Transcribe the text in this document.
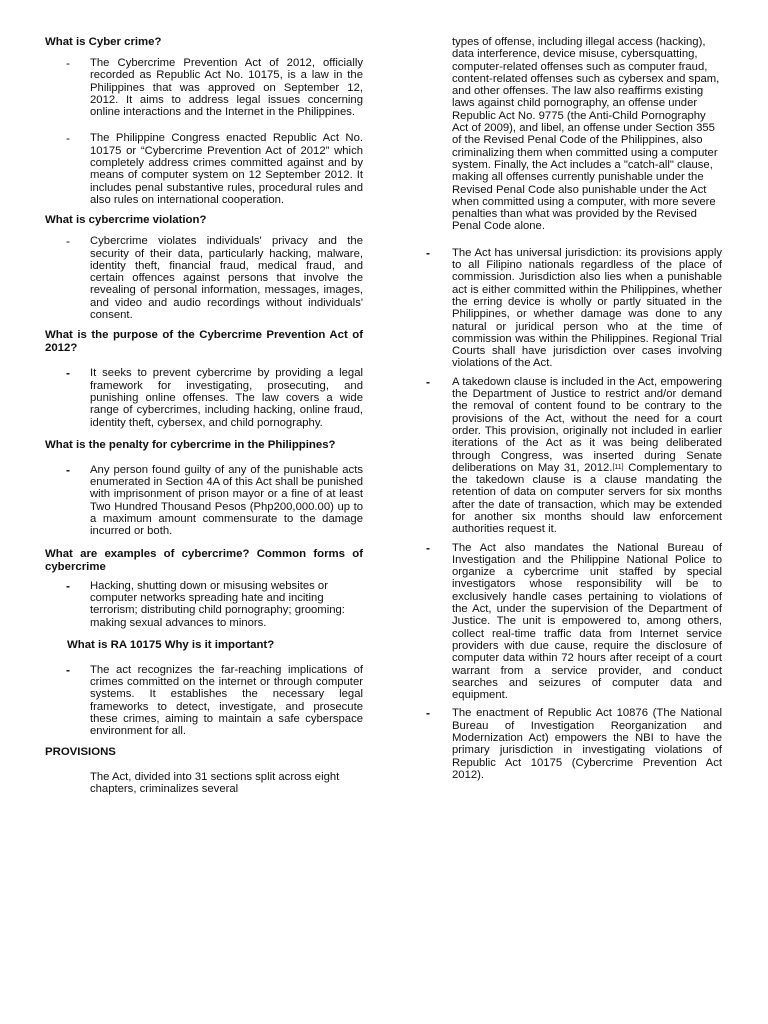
What is Cyber crime?
-	The Cybercrime Prevention Act of 2012, officially recorded as Republic Act No. 10175, is a law in the Philippines that was approved on September 12, 2012. It aims to address legal issues concerning online interactions and the Internet in the Philippines.
-	The Philippine Congress enacted Republic Act No. 10175 or “Cybercrime Prevention Act of 2012” which completely address crimes committed against and by means of computer system on 12 September 2012. It includes penal substantive rules, procedural rules and also rules on international cooperation.
What is cybercrime violation?
-	Cybercrime violates individuals' privacy and the security of their data, particularly hacking, malware, identity theft, financial fraud, medical fraud, and certain offences against persons that involve the revealing of personal information, messages, images, and video and audio recordings without individuals' consent.
What is the purpose of the Cybercrime Prevention Act of 2012?
-	It seeks to prevent cybercrime by providing a legal framework for investigating, prosecuting, and punishing online offenses. The law covers a wide range of cybercrimes, including hacking, online fraud, identity theft, cybersex, and child pornography.
What is the penalty for cybercrime in the Philippines?
-	Any person found guilty of any of the punishable acts enumerated in Section 4A of this Act shall be punished with imprisonment of prison mayor or a fine of at least Two Hundred Thousand Pesos (Php200,000.00) up to a maximum amount commensurate to the damage incurred or both.
What are examples of cybercrime? Common forms of cybercrime
-	Hacking, shutting down or misusing websites or computer networks spreading hate and inciting terrorism; distributing child pornography; grooming: making sexual advances to minors.
What is RA 10175 Why is it important?
-	The act recognizes the far-reaching implications of crimes committed on the internet or through computer systems. It establishes the necessary legal frameworks to detect, investigate, and prosecute these crimes, aiming to maintain a safe cyberspace environment for all.
PROVISIONS

The Act, divided into 31 sections split across eight chapters, criminalizes several

types of offense, including illegal access (hacking), data interference, device misuse, cybersquatting, computer-related offenses such as computer fraud, content-related offenses such as cybersex and spam, and other offenses. The law also reaffirms existing laws against child pornography, an offense under Republic Act No. 9775 (the Anti-Child Pornography Act of 2009), and libel, an offense under Section 355 of the Revised Penal Code of the Philippines, also criminalizing them when committed using a computer system. Finally, the Act includes a "catch-all" clause, making all offenses currently punishable under the Revised Penal Code also punishable under the Act when committed using a computer, with more severe penalties than what was provided by the Revised Penal Code alone.

-	The Act has universal jurisdiction: its provisions apply to all Filipino nationals regardless of the place of commission. Jurisdiction also lies when a punishable act is either committed within the Philippines, whether the erring device is wholly or partly situated in the Philippines, or whether damage was done to any natural or juridical person who at the time of commission was within the Philippines. Regional Trial Courts shall have jurisdiction over cases involving violations of the Act.
-	A takedown clause is included in the Act, empowering the Department of Justice to restrict and/or demand the removal of content found to be contrary to the provisions of the Act, without the need for a court order. This provision, originally not included in earlier iterations of the Act as it was being deliberated through Congress, was inserted during Senate deliberations on May 31, 2012.[11] Complementary to the takedown clause is a clause mandating the retention of data on computer servers for six months after the date of transaction, which may be extended for another six months should law enforcement authorities request it.
-	The Act also mandates the National Bureau of Investigation and the Philippine National Police to organize a cybercrime unit staffed by special investigators whose responsibility will be to exclusively handle cases pertaining to violations of the Act, under the supervision of the Department of Justice. The unit is empowered to, among others, collect real-time traffic data from Internet service providers with due cause, require the disclosure of computer data within 72 hours after receipt of a court warrant from a service provider, and conduct searches and seizures of computer data and equipment.
-	The enactment of Republic Act 10876 (The National Bureau of Investigation Reorganization and Modernization Act) empowers the NBI to have the primary jurisdiction in investigating violations of Republic Act 10175 (Cybercrime Prevention Act 2012).
